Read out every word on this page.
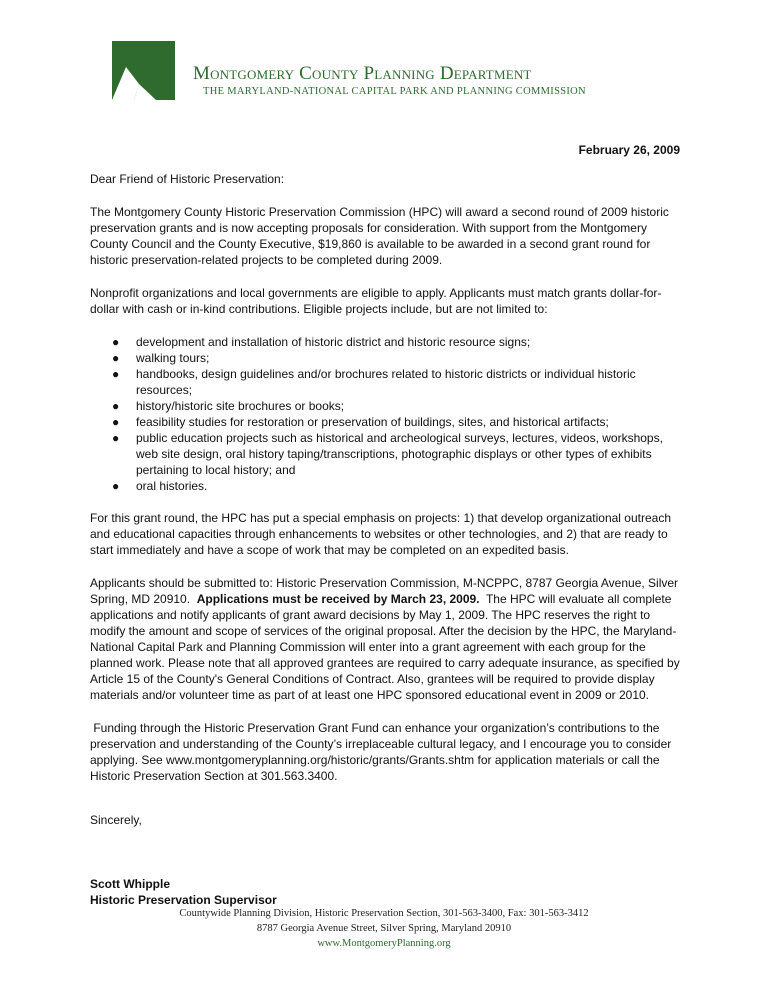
Montgomery County Planning Department
THE MARYLAND-NATIONAL CAPITAL PARK AND PLANNING COMMISSION
February 26, 2009

Dear Friend of Historic Preservation:

The Montgomery County Historic Preservation Commission (HPC) will award a second round of 2009 historic preservation grants and is now accepting proposals for consideration. With support from the Montgomery County Council and the County Executive, $19,860 is available to be awarded in a second grant round for historic preservation-related projects to be completed during 2009.

Nonprofit organizations and local governments are eligible to apply. Applicants must match grants dollar-for-dollar with cash or in-kind contributions. Eligible projects include, but are not limited to:

● development and installation of historic district and historic resource signs;
● walking tours;
● handbooks, design guidelines and/or brochures related to historic districts or individual historic resources;
● history/historic site brochures or books;
● feasibility studies for restoration or preservation of buildings, sites, and historical artifacts;
● public education projects such as historical and archeological surveys, lectures, videos, workshops, web site design, oral history taping/transcriptions, photographic displays or other types of exhibits pertaining to local history; and
● oral histories.

For this grant round, the HPC has put a special emphasis on projects: 1) that develop organizational outreach and educational capacities through enhancements to websites or other technologies, and 2) that are ready to start immediately and have a scope of work that may be completed on an expedited basis.

Applicants should be submitted to: Historic Preservation Commission, M-NCPPC, 8787 Georgia Avenue, Silver Spring, MD 20910. Applications must be received by March 23, 2009. The HPC will evaluate all complete applications and notify applicants of grant award decisions by May 1, 2009. The HPC reserves the right to modify the amount and scope of services of the original proposal. After the decision by the HPC, the Maryland-National Capital Park and Planning Commission will enter into a grant agreement with each group for the planned work. Please note that all approved grantees are required to carry adequate insurance, as specified by Article 15 of the County's General Conditions of Contract. Also, grantees will be required to provide display materials and/or volunteer time as part of at least one HPC sponsored educational event in 2009 or 2010.

Funding through the Historic Preservation Grant Fund can enhance your organization’s contributions to the preservation and understanding of the County’s irreplaceable cultural legacy, and I encourage you to consider applying. See www.montgomeryplanning.org/historic/grants/Grants.shtm for application materials or call the Historic Preservation Section at 301.563.3400.

Sincerely,
Scott Whipple
Historic Preservation Supervisor
Countywide Planning Division, Historic Preservation Section, 301-563-3400, Fax: 301-563-3412
8787 Georgia Avenue Street, Silver Spring, Maryland 20910
www.MontgomeryPlanning.org
